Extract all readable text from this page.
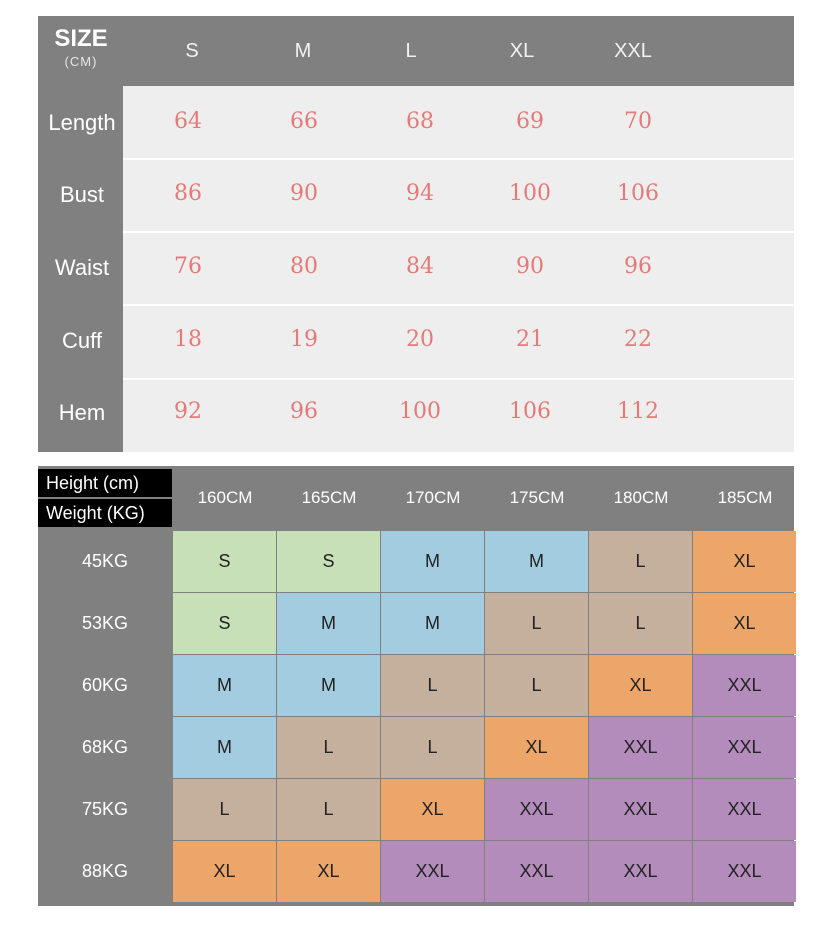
SIZE
(CM)	S	M	L	XL	XXL
Length	64	66	68	69	70
Bust	86	90	94	100	106
Waist	76	80	84	90	96
Cuff	18	19	20	21	22
Hem	92	96	100	106	112
Height (cm)
Weight (KG)
160CM	165CM	170CM	175CM	180CM	185CM
45KG	S	S	M	M	L	XL
53KG	S	M	M	L	L	XL
60KG	M	M	L	L	XL	XXL
68KG	M	L	L	XL	XXL	XXL
75KG	L	L	XL	XXL	XXL	XXL
88KG	XL	XL	XXL	XXL	XXL	XXL
